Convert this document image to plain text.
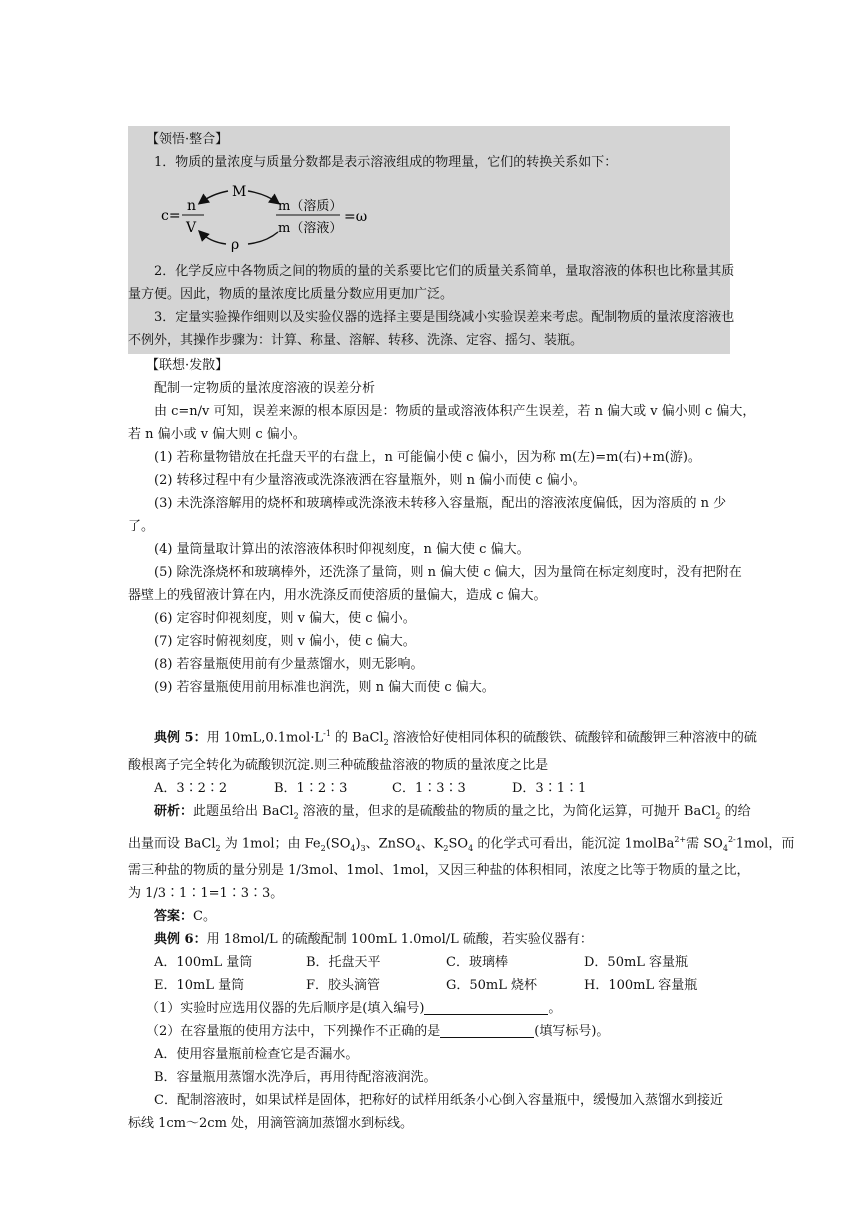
【领悟·整合】
1．物质的量浓度与质量分数都是表示溶液组成的物理量，它们的转换关系如下：
c=
n
V
M
ρ
m（溶质）
m（溶液）
=ω
2．化学反应中各物质之间的物质的量的关系要比它们的质量关系简单，量取溶液的体积也比称量其质
量方便。因此，物质的量浓度比质量分数应用更加广泛。
3．定量实验操作细则以及实验仪器的选择主要是围绕减小实验误差来考虑。配制物质的量浓度溶液也
不例外，其操作步骤为：计算、称量、溶解、转移、洗涤、定容、摇匀、装瓶。
【联想·发散】
配制一定物质的量浓度溶液的误差分析
由 c=n/v 可知，误差来源的根本原因是：物质的量或溶液体积产生误差，若 n 偏大或 v 偏小则 c 偏大，
若 n 偏小或 v 偏大则 c 偏小。
(1) 若称量物错放在托盘天平的右盘上，n 可能偏小使 c 偏小，因为称 m(左)=m(右)+m(游)。
(2) 转移过程中有少量溶液或洗涤液洒在容量瓶外，则 n 偏小而使 c 偏小。
(3) 未洗涤溶解用的烧杯和玻璃棒或洗涤液未转移入容量瓶，配出的溶液浓度偏低，因为溶质的 n 少
了。
(4) 量筒量取计算出的浓溶液体积时仰视刻度，n 偏大使 c 偏大。
(5) 除洗涤烧杯和玻璃棒外，还洗涤了量筒，则 n 偏大使 c 偏大，因为量筒在标定刻度时，没有把附在
器壁上的残留液计算在内，用水洗涤反而使溶质的量偏大，造成 c 偏大。
(6) 定容时仰视刻度，则 v 偏大，使 c 偏小。
(7) 定容时俯视刻度，则 v 偏小，使 c 偏大。
(8) 若容量瓶使用前有少量蒸馏水，则无影响。
(9) 若容量瓶使用前用标准也润洗，则 n 偏大而使 c 偏大。
典例 5：用 $10mL,0.1mol\cdot L^{-1}$ 的 BaCl$_2$ 溶液恰好使相同体积的硫酸铁、硫酸锌和硫酸钾三种溶液中的硫
酸根离子完全转化为硫酸钡沉淀.则三种硫酸盐溶液的物质的量浓度之比是
A．3∶2∶2	B．1∶2∶3	C．1∶3∶3	D．3∶1∶1
研析：此题虽给出 BaCl$_2$ 溶液的量，但求的是硫酸盐的物质的量之比，为简化运算，可抛开 BaCl$_2$ 的给
出量而设 BaCl$_2$ 为 1mol；由 $Fe_2(SO_4)_3$、ZnSO$_4$、$K_2SO_4$ 的化学式可看出，能沉淀 1molBa$^{2+}$需 $SO_4^{2-}1mol$，而
需三种盐的物质的量分别是 1/3mol、1mol、1mol，又因三种盐的体积相同，浓度之比等于物质的量之比，
为 1/3∶1∶1=1∶3∶3。
答案：C。
典例 6：用 18mol/L 的硫酸配制 100mL 1.0mol/L 硫酸，若实验仪器有：
A．100mL 量筒	B．托盘天平	C．玻璃棒	D．50mL 容量瓶
E．10mL 量筒	F．胶头滴管	G．50mL 烧杯	H．100mL 容量瓶
（1）实验时应选用仪器的先后顺序是(填入编号)	。
（2）在容量瓶的使用方法中，下列操作不正确的是	(填写标号)。
A．使用容量瓶前检查它是否漏水。
B．容量瓶用蒸馏水洗净后，再用待配溶液润洗。
C．配制溶液时，如果试样是固体，把称好的试样用纸条小心倒入容量瓶中，缓慢加入蒸馏水到接近
标线 1cm～2cm 处，用滴管滴加蒸馏水到标线。
